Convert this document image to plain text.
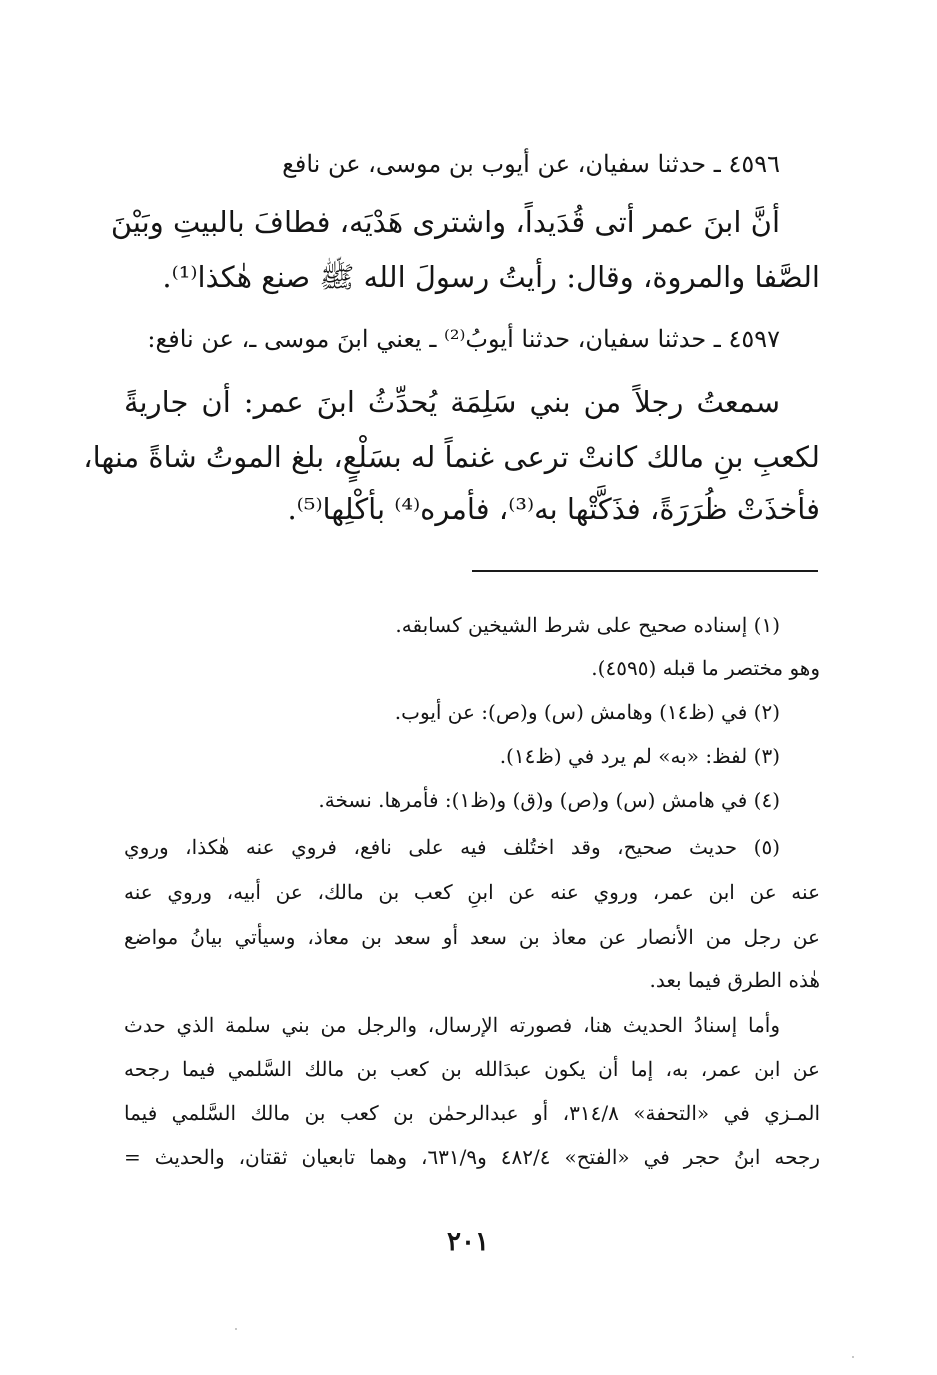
٤٥٩٦ ـ حدثنا سفيان، عن أيوب بن موسى، عن نافع

أنَّ ابنَ عمر أتى قُدَيداً، واشترى هَدْيَه، فطافَ بالبيتِ وبَيْنَ

الصَّفا والمروة، وقال: رأيتُ رسولَ الله ﷺ صنع هٰكذا⁽¹⁾.

٤٥٩٧ ـ حدثنا سفيان، حدثنا أيوبُ⁽²⁾ ـ يعني ابنَ موسى ـ، عن نافع:

سمعتُ رجلاً من بني سَلِمَة يُحدِّثُ ابنَ عمر: أن جاريةً

لكعبِ بنِ مالك كانتْ ترعى غنماً له بسَلْعٍ، بلغ الموتُ شاةً منها،

فأخذَتْ ظُرَرَةً، فذَكَّتْها به⁽³⁾، فأمره⁽⁴⁾ بأكْلِها⁽⁵⁾.

(١) إسناده صحيح على شرط الشيخين كسابقه.

وهو مختصر ما قبله (٤٥٩٥).

(٢) في (ظ١٤) وهامش (س) و(ص): عن أيوب.

(٣) لفظ: «به» لم يرد في (ظ١٤).

(٤) في هامش (س) و(ص) و(ق) و(ظ١): فأمرها. نسخة.

(٥) حديث صحيح، وقد اختُلف فيه على نافع، فروي عنه هٰكذا، وروي

عنه عن ابن عمر، وروي عنه عن ابنِ كعب بن مالك، عن أبيه، وروي عنه

عن رجل من الأنصار عن معاذ بن سعد أو سعد بن معاذ، وسيأتي بيانُ مواضع

هٰذه الطرق فيما بعد.

وأما إسنادُ الحديث هنا، فصورته الإرسال، والرجل من بني سلمة الذي حدث

عن ابن عمر، به، إما أن يكون عبدَالله بن كعب بن مالك السَّلمي فيما رجحه

المـزي في «التحفة» ٣١٤/٨، أو عبدالرحمٰن بن كعب بن مالك السَّلمي فيما

رجحه ابنُ حجر في «الفتح» ٤٨٢/٤ و٦٣١/٩، وهما تابعيان ثقتان، والحديث =

٢٠١
